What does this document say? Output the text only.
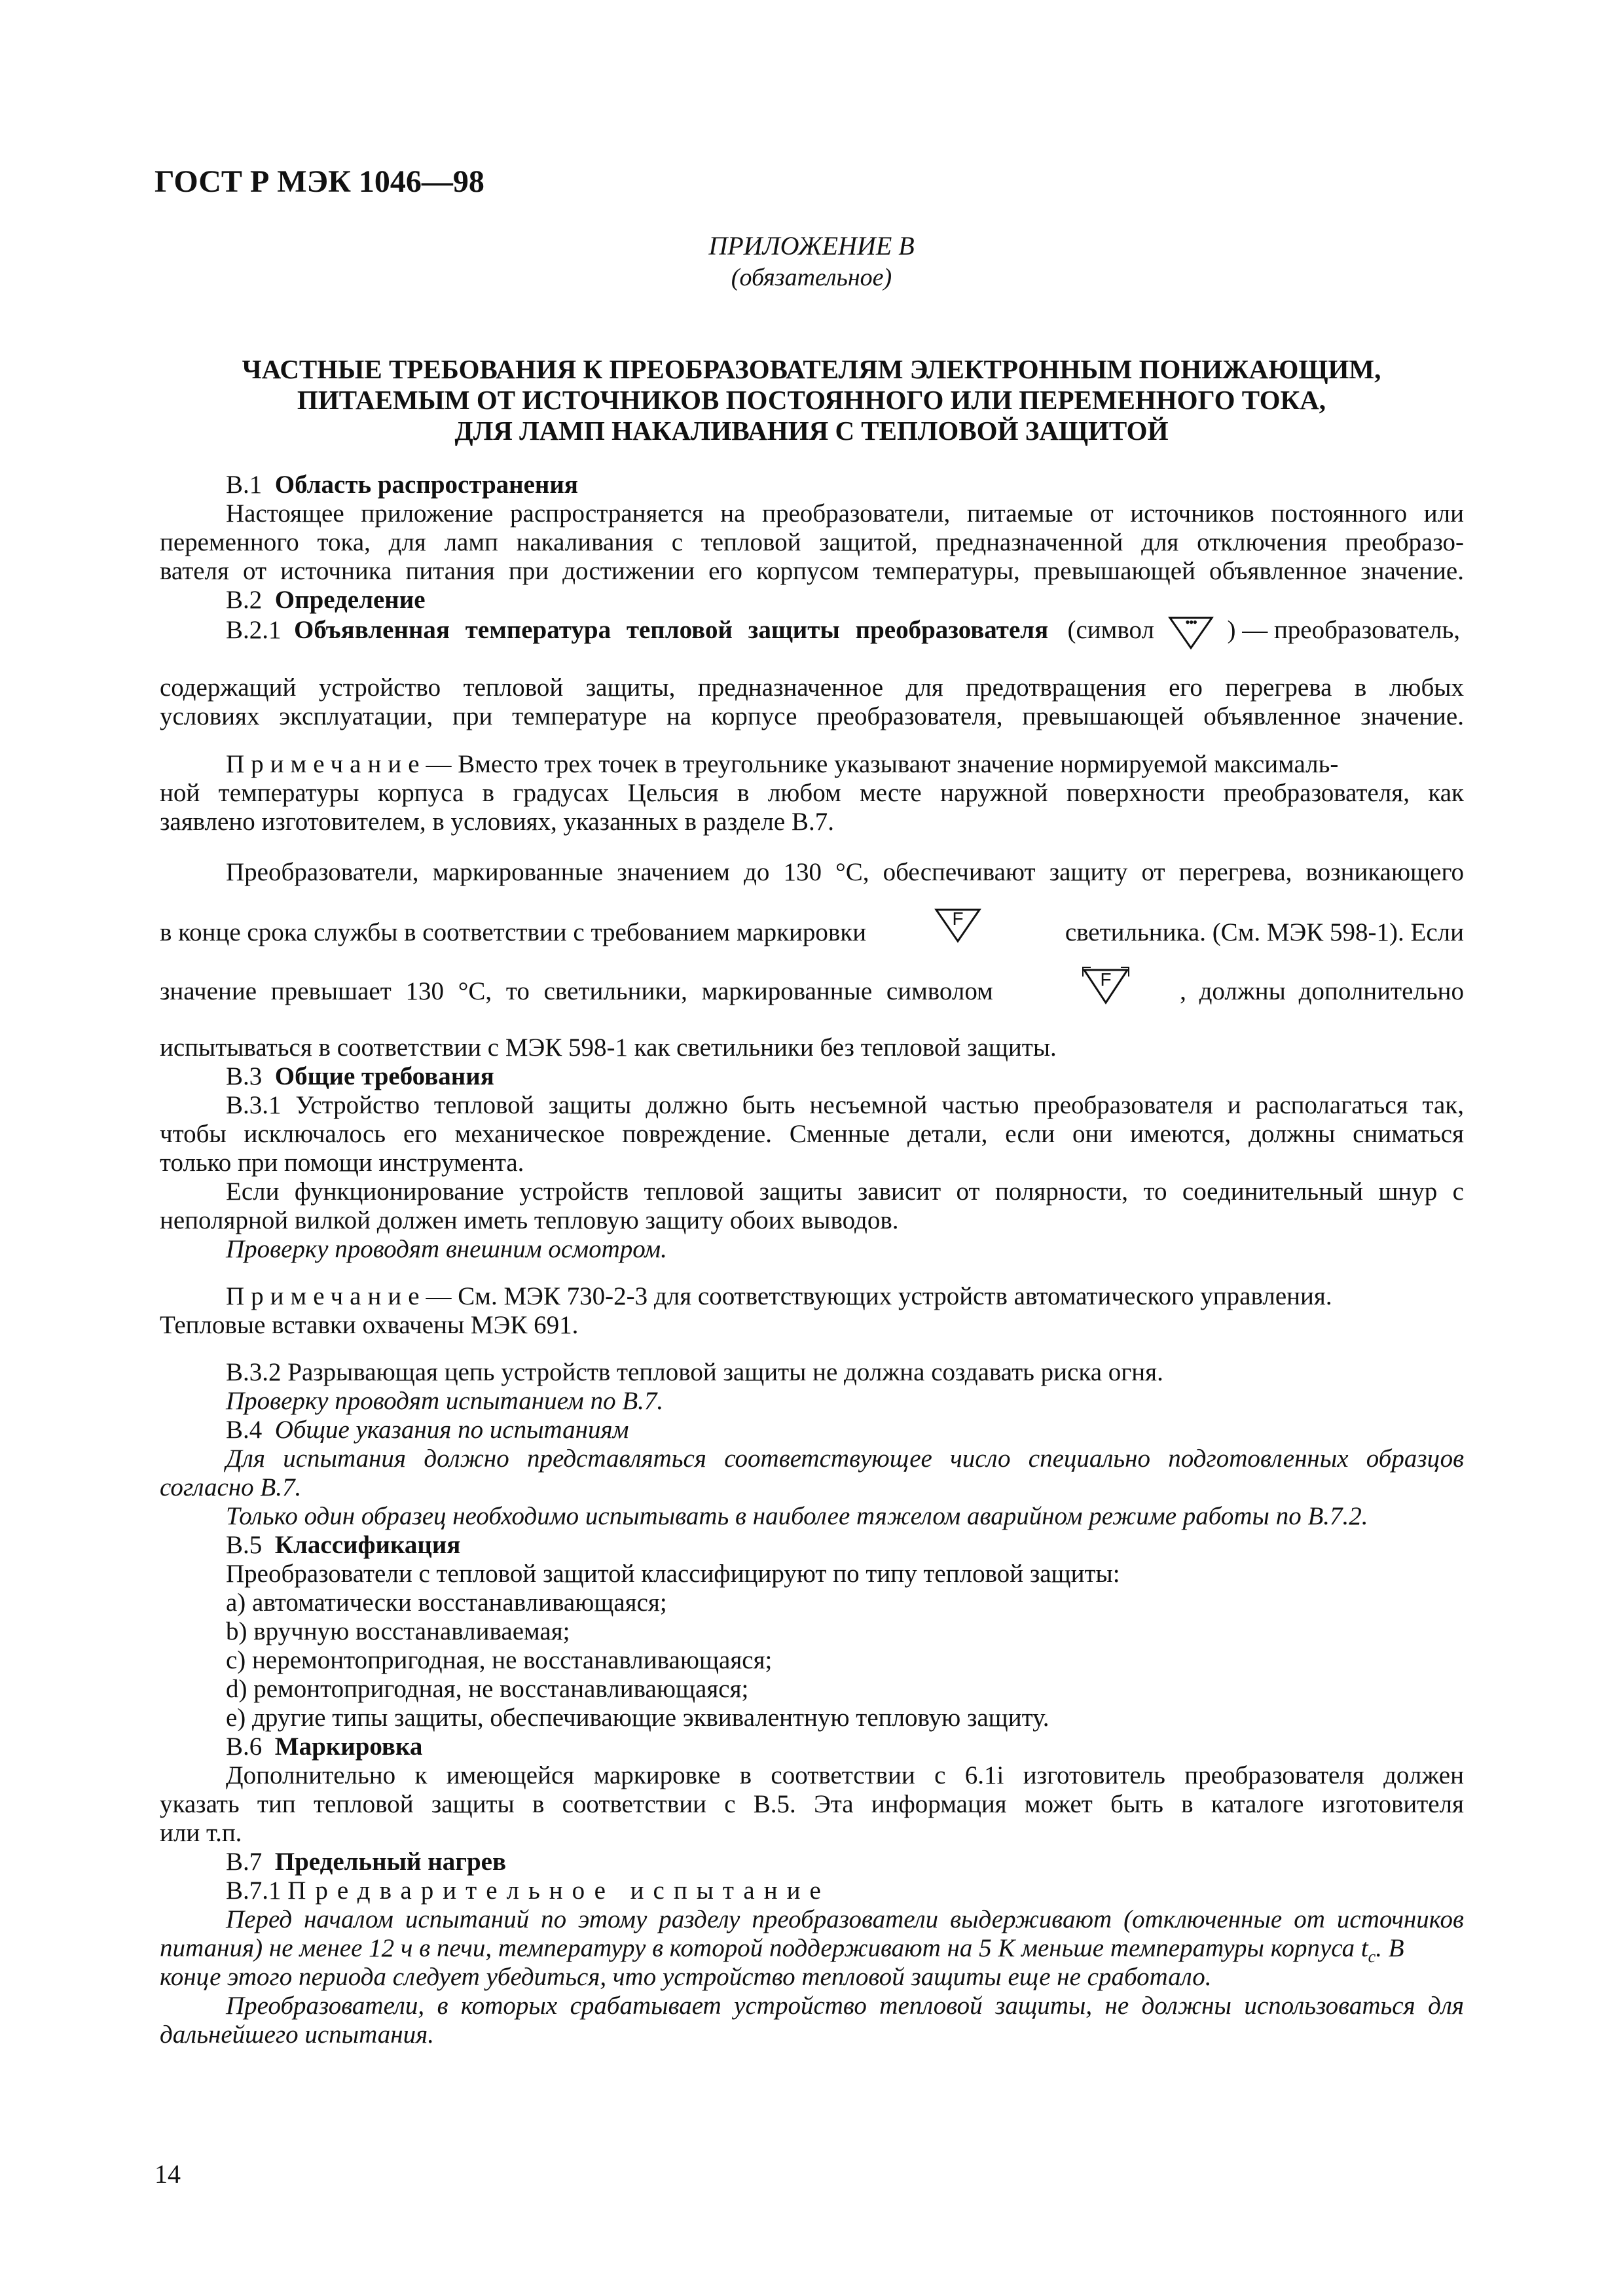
ГОСТ Р МЭК 1046—98
ПРИЛОЖЕНИЕ В
(обязательное)
ЧАСТНЫЕ ТРЕБОВАНИЯ К ПРЕОБРАЗОВАТЕЛЯМ ЭЛЕКТРОННЫМ ПОНИЖАЮЩИМ,
ПИТАЕМЫМ ОТ ИСТОЧНИКОВ ПОСТОЯННОГО ИЛИ ПЕРЕМЕННОГО ТОКА,
ДЛЯ ЛАМП НАКАЛИВАНИЯ С ТЕПЛОВОЙ ЗАЩИТОЙ
В.1 Область распространения
Настоящее приложение распространяется на преобразователи, питаемые от источников постоянного или
переменного тока, для ламп накаливания с тепловой защитой, предназначенной для отключения преобразо-
вателя от источника питания при достижении его корпусом температуры, превышающей объявленное значение.
В.2 Определение
В.2.1 Объявленная температура тепловой защиты преобразователя (символ	•••	) — преобразователь,
содержащий устройство тепловой защиты, предназначенное для предотвращения его перегрева в любых
условиях эксплуатации, при температуре на корпусе преобразователя, превышающей объявленное значение.
Примечание— Вместо трех точек в треугольнике указывают значение нормируемой максималь-
ной температуры корпуса в градусах Цельсия в любом месте наружной поверхности преобразователя, как
заявлено изготовителем, в условиях, указанных в разделе В.7.
Преобразователи, маркированные значением до 130 °С, обеспечивают защиту от перегрева, возникающего
в конце срока службы в соответствии с требованием маркировки	F	светильника. (См. МЭК 598-1). Если
значение превышает 130 °С, то светильники, маркированные символом	F	, должны дополнительно
испытываться в соответствии с МЭК 598-1 как светильники без тепловой защиты.
В.3 Общие требования
В.3.1 Устройство тепловой защиты должно быть несъемной частью преобразователя и располагаться так,
чтобы исключалось его механическое повреждение. Сменные детали, если они имеются, должны сниматься
только при помощи инструмента.
Если функционирование устройств тепловой защиты зависит от полярности, то соединительный шнур с
неполярной вилкой должен иметь тепловую защиту обоих выводов.
Проверку проводят внешним осмотром.
Примечание— См. МЭК 730-2-3 для соответствующих устройств автоматического управления.
Тепловые вставки охвачены МЭК 691.
В.3.2 Разрывающая цепь устройств тепловой защиты не должна создавать риска огня.
Проверку проводят испытанием по В.7.
В.4 Общие указания по испытаниям
Для испытания должно представляться соответствующее число специально подготовленных образцов
согласно В.7.
Только один образец необходимо испытывать в наиболее тяжелом аварийном режиме работы по В.7.2.
В.5 Классификация
Преобразователи с тепловой защитой классифицируют по типу тепловой защиты:
a) автоматически восстанавливающаяся;
b) вручную восстанавливаемая;
c) неремонтопригодная, не восстанавливающаяся;
d) ремонтопригодная, не восстанавливающаяся;
e) другие типы защиты, обеспечивающие эквивалентную тепловую защиту.
В.6 Маркировка
Дополнительно к имеющейся маркировке в соответствии с 6.1i изготовитель преобразователя должен
указать тип тепловой защиты в соответствии с В.5. Эта информация может быть в каталоге изготовителя
или т.п.
В.7 Предельный нагрев
В.7.1 Предварительное испытание
Перед началом испытаний по этому разделу преобразователи выдерживают (отключенные от источников
питания) не менее 12 ч в печи, температуру в которой поддерживают на 5 К меньше температуры корпуса $t_c$. В
конце этого периода следует убедиться, что устройство тепловой защиты еще не сработало.
Преобразователи, в которых срабатывает устройство тепловой защиты, не должны использоваться для
дальнейшего испытания.
14
